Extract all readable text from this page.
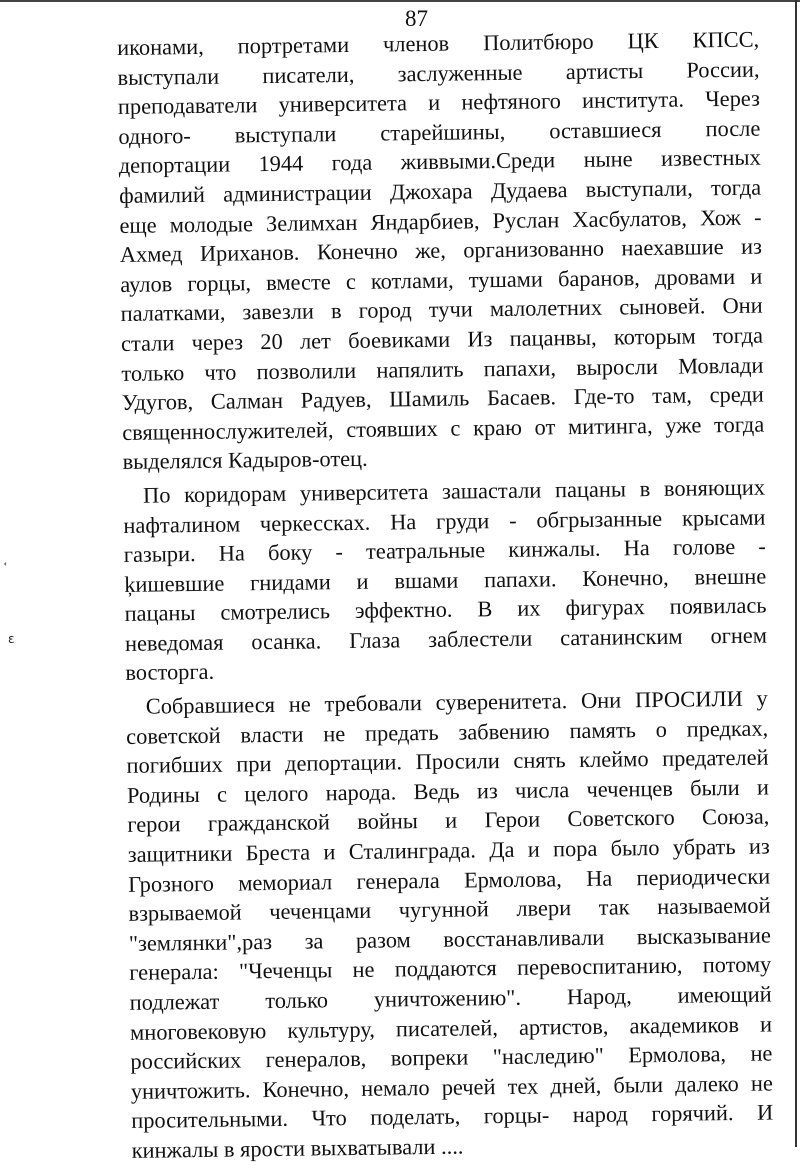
87
ɛ
иконами, портретами членов Политбюро ЦК КПСС,
выступали писатели, заслуженные артисты России,
преподаватели университета и нефтяного института. Через
одного- выступали старейшины, оставшиеся после
депортации 1944 года живвыми.Среди ныне известных
фамилий администрации Джохара Дудаева выступали, тогда
еще молодые Зелимхан Яндарбиев, Руслан Хасбулатов, Хож -
Ахмед Ириханов. Конечно же, организованно наехавшие из
аулов горцы, вместе с котлами, тушами баранов, дровами и
палатками, завезли в город тучи малолетних сыновей. Они
стали через 20 лет боевиками Из пацанвы, которым тогда
только что позволили напялить папахи, выросли Мовлади
Удугов, Салман Радуев, Шамиль Басаев. Где-то там, среди
священнослужителей, стоявших с краю от митинга, уже тогда
выделялся Кадыров-отец.
По коридорам университета зашастали пацаны в воняющих
нафталином черкессках. На груди - обгрызанные крысами
газыри. На боку - театральные кинжалы. На голове -
ķишевшие гнидами и вшами папахи. Конечно, внешне
пацаны смотрелись эффектно. В их фигурах появилась
неведомая осанка. Глаза заблестели сатанинским огнем
восторга.
Собравшиеся не требовали суверенитета. Они ПРОСИЛИ у
советской власти не предать забвению память о предках,
погибших при депортации. Просили снять клеймо предателей
Родины с целого народа. Ведь из числа чеченцев были и
герои гражданской войны и Герои Советского Союза,
защитники Бреста и Сталинграда. Да и пора было убрать из
Грозного мемориал генерала Ермолова, На периодически
взрываемой чеченцами чугунной лвери так называемой
"землянки",раз за разом восстанавливали высказывание
генерала: "Чеченцы не поддаются перевоспитанию, потому
подлежат только уничтожению". Народ, имеющий
многовековую культуру, писателей, артистов, академиков и
российских генералов, вопреки "наследию" Ермолова, не
уничтожить. Конечно, немало речей тех дней, были далеко не
просительными. Что поделать, горцы- народ горячий. И
кинжалы в ярости выхватывали ....
